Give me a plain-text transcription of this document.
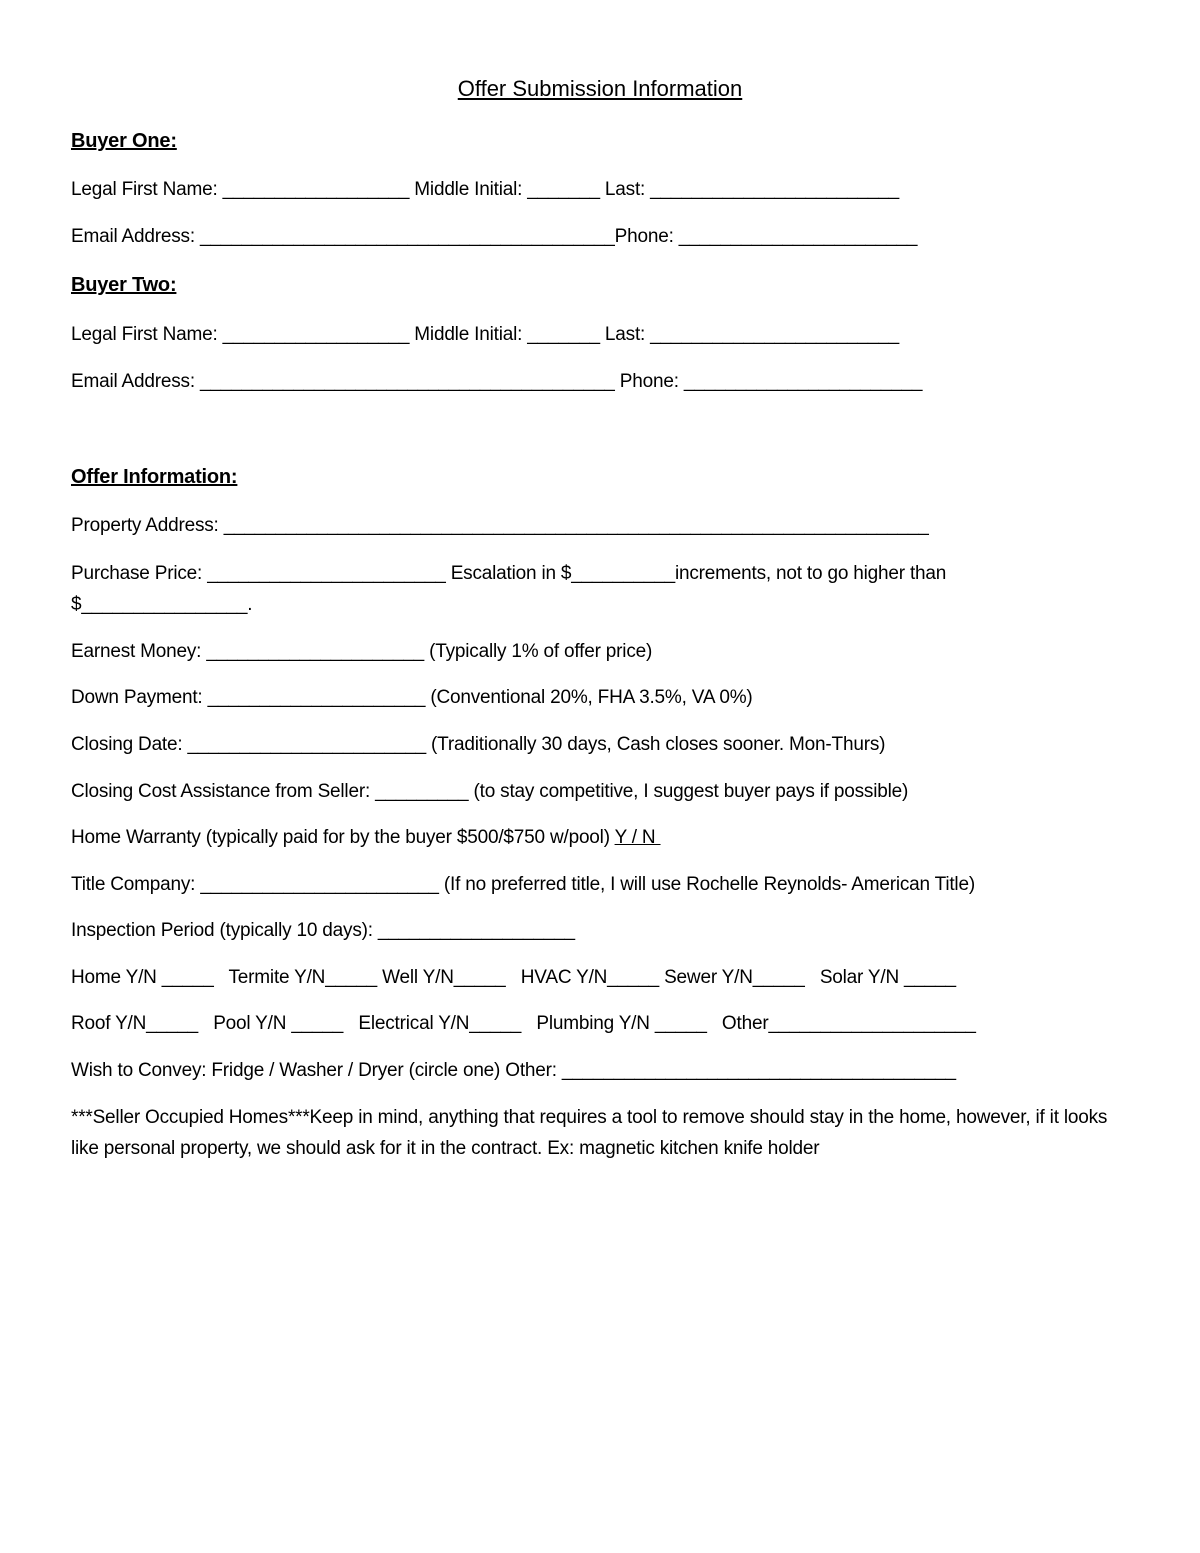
Offer Submission Information
Buyer One:
Legal First Name: __________________ Middle Initial: _______ Last: ________________________
Email Address: ________________________________________Phone: _______________________
Buyer Two:
Legal First Name: __________________ Middle Initial: _______ Last: ________________________
Email Address: ________________________________________ Phone: _______________________
Offer Information:
Property Address: ____________________________________________________________________
Purchase Price: _______________________ Escalation in $__________increments, not to go higher than
$________________.
Earnest Money: _____________________ (Typically 1% of offer price)
Down Payment: _____________________ (Conventional 20%, FHA 3.5%, VA 0%)
Closing Date: _______________________ (Traditionally 30 days, Cash closes sooner. Mon-Thurs)
Closing Cost Assistance from Seller: _________ (to stay competitive, I suggest buyer pays if possible)
Home Warranty (typically paid for by the buyer $500/$750 w/pool) Y / N
Title Company: _______________________ (If no preferred title, I will use Rochelle Reynolds- American Title)
Inspection Period (typically 10 days): ___________________
Home Y/N _____   Termite Y/N_____ Well Y/N_____   HVAC Y/N_____ Sewer Y/N_____   Solar Y/N _____
Roof Y/N_____   Pool Y/N _____   Electrical Y/N_____   Plumbing Y/N _____   Other____________________
Wish to Convey: Fridge / Washer / Dryer (circle one) Other: ______________________________________
***Seller Occupied Homes***Keep in mind, anything that requires a tool to remove should stay in the home, however, if it looks like personal property, we should ask for it in the contract. Ex: magnetic kitchen knife holder
